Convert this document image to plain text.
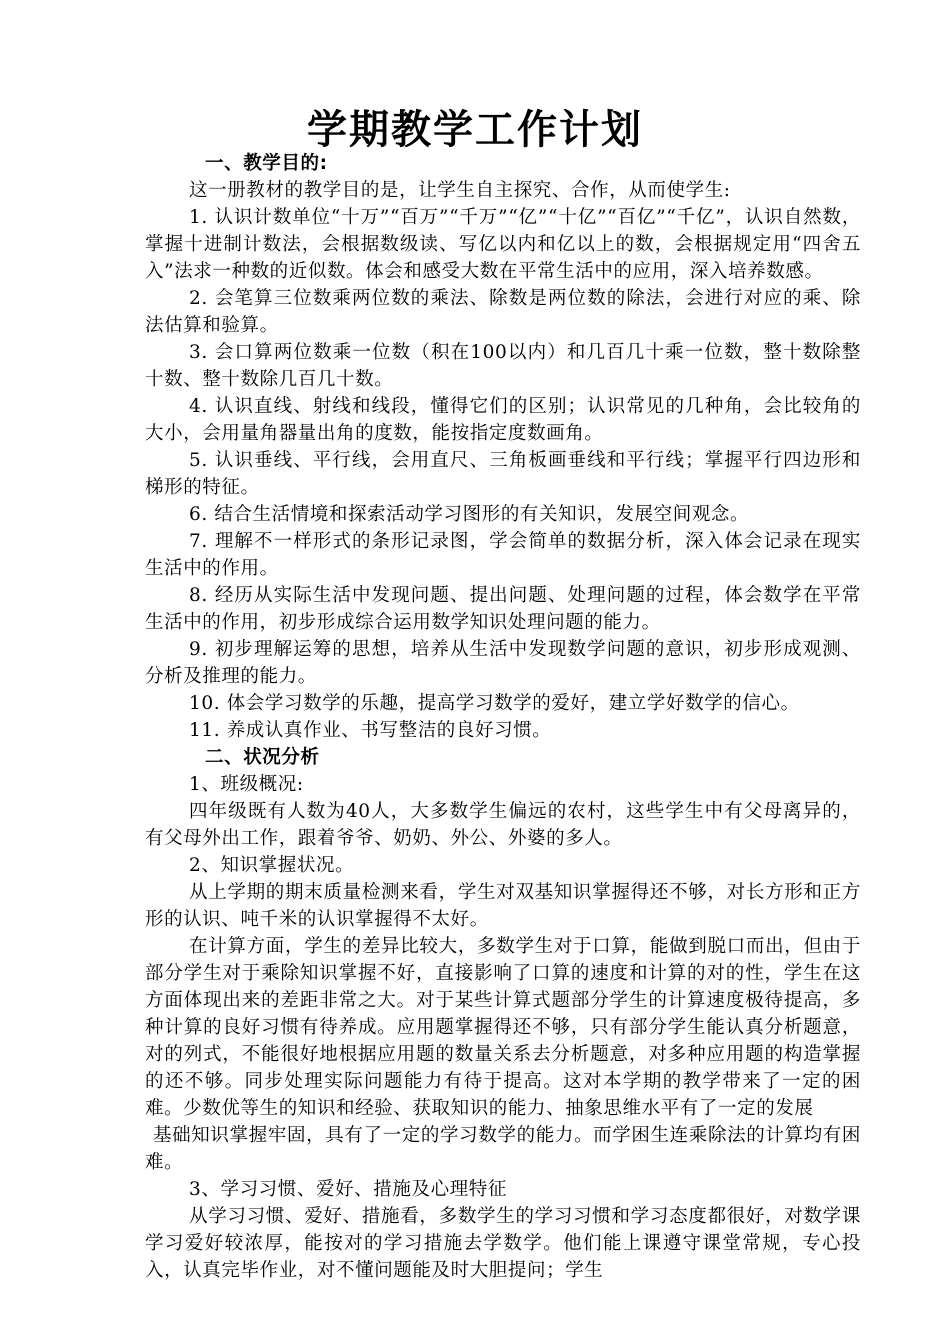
学期教学工作计划

一、教学目的:

这一册教材的教学目的是，让学生自主探究、合作，从而使学生:

1. 认识计数单位“十万”“百万”“千万”“亿”“十亿”“百亿”“千亿”，认识自然数，掌握十进制计数法，会根据数级读、写亿以内和亿以上的数，会根据规定用“四舍五入”法求一种数的近似数。体会和感受大数在平常生活中的应用，深入培养数感。

2. 会笔算三位数乘两位数的乘法、除数是两位数的除法，会进行对应的乘、除法估算和验算。

3. 会口算两位数乘一位数（积在100以内）和几百几十乘一位数，整十数除整十数、整十数除几百几十数。

4. 认识直线、射线和线段，懂得它们的区别；认识常见的几种角，会比较角的大小，会用量角器量出角的度数，能按指定度数画角。

5. 认识垂线、平行线，会用直尺、三角板画垂线和平行线；掌握平行四边形和梯形的特征。

6. 结合生活情境和探索活动学习图形的有关知识，发展空间观念。

7. 理解不一样形式的条形记录图，学会简单的数据分析，深入体会记录在现实生活中的作用。

8. 经历从实际生活中发现问题、提出问题、处理问题的过程，体会数学在平常生活中的作用，初步形成综合运用数学知识处理问题的能力。

9. 初步理解运筹的思想，培养从生活中发现数学问题的意识，初步形成观测、分析及推理的能力。

10. 体会学习数学的乐趣，提高学习数学的爱好，建立学好数学的信心。

11. 养成认真作业、书写整洁的良好习惯。

二、状况分析

1、班级概况:

四年级既有人数为40人，大多数学生偏远的农村，这些学生中有父母离异的，有父母外出工作，跟着爷爷、奶奶、外公、外婆的多人。

2、知识掌握状况。

从上学期的期末质量检测来看，学生对双基知识掌握得还不够，对长方形和正方形的认识、吨千米的认识掌握得不太好。

在计算方面，学生的差异比较大，多数学生对于口算，能做到脱口而出，但由于部分学生对于乘除知识掌握不好，直接影响了口算的速度和计算的对的性，学生在这方面体现出来的差距非常之大。对于某些计算式题部分学生的计算速度极待提高，多种计算的良好习惯有待养成。应用题掌握得还不够，只有部分学生能认真分析题意，对的列式，不能很好地根据应用题的数量关系去分析题意，对多种应用题的构造掌握的还不够。同步处理实际问题能力有待于提高。这对本学期的教学带来了一定的困难。少数优等生的知识和经验、获取知识的能力、抽象思维水平有了一定的发展

基础知识掌握牢固，具有了一定的学习数学的能力。而学困生连乘除法的计算均有困难。

3、学习习惯、爱好、措施及心理特征

从学习习惯、爱好、措施看，多数学生的学习习惯和学习态度都很好，对数学课学习爱好较浓厚，能按对的学习措施去学数学。他们能上课遵守课堂常规，专心投入，认真完毕作业，对不懂问题能及时大胆提问；学生
